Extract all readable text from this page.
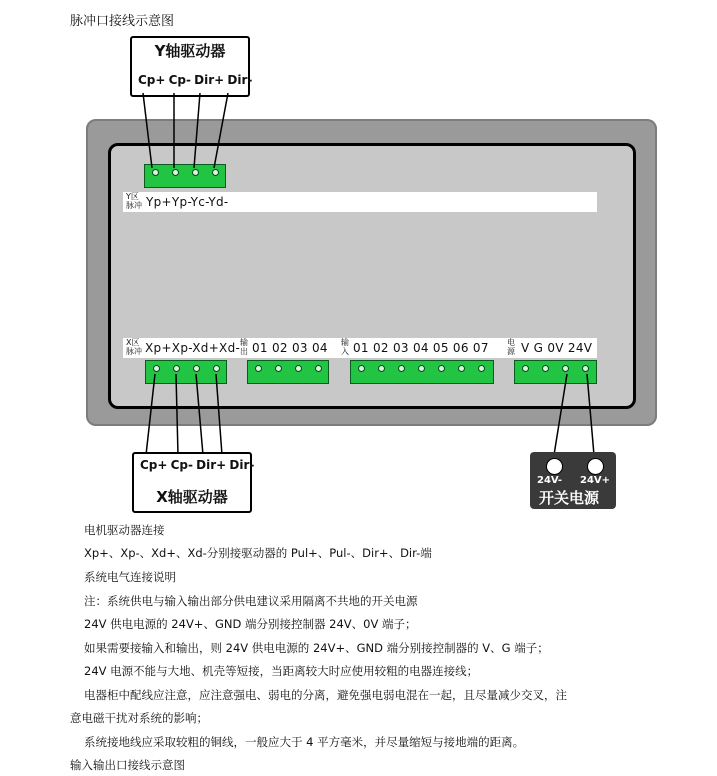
脉冲口接线示意图
Y轴驱动器
Cp+ Cp- Dir+ Dir-
Y区
脉冲 Yp+Yp-Yc-Yd-
X区
脉冲 Xp+Xp-Xd+Xd- 输
出 01 02 03 04 输
入 01 02 03 04 05 06 07 电
源 V G 0V 24V
Cp+ Cp- Dir+ Dir-
X轴驱动器
24V- 24V+
开关电源
电机驱动器连接
Xp+、Xp-、Xd+、Xd-分别接驱动器的 Pul+、Pul-、Dir+、Dir-端
系统电气连接说明
注：系统供电与输入输出部分供电建议采用隔离不共地的开关电源
24V 供电电源的 24V+、GND 端分别接控制器 24V、0V 端子；
如果需要接输入和输出，则 24V 供电电源的 24V+、GND 端分别接控制器的 V、G 端子；
24V 电源不能与大地、机壳等短接，当距离较大时应使用较粗的电器连接线；
电器柜中配线应注意，应注意强电、弱电的分离，避免强电弱电混在一起，且尽量减少交叉，注
意电磁干扰对系统的影响；
系统接地线应采取较粗的铜线，一般应大于 4 平方毫米，并尽量缩短与接地端的距离。
输入输出口接线示意图
